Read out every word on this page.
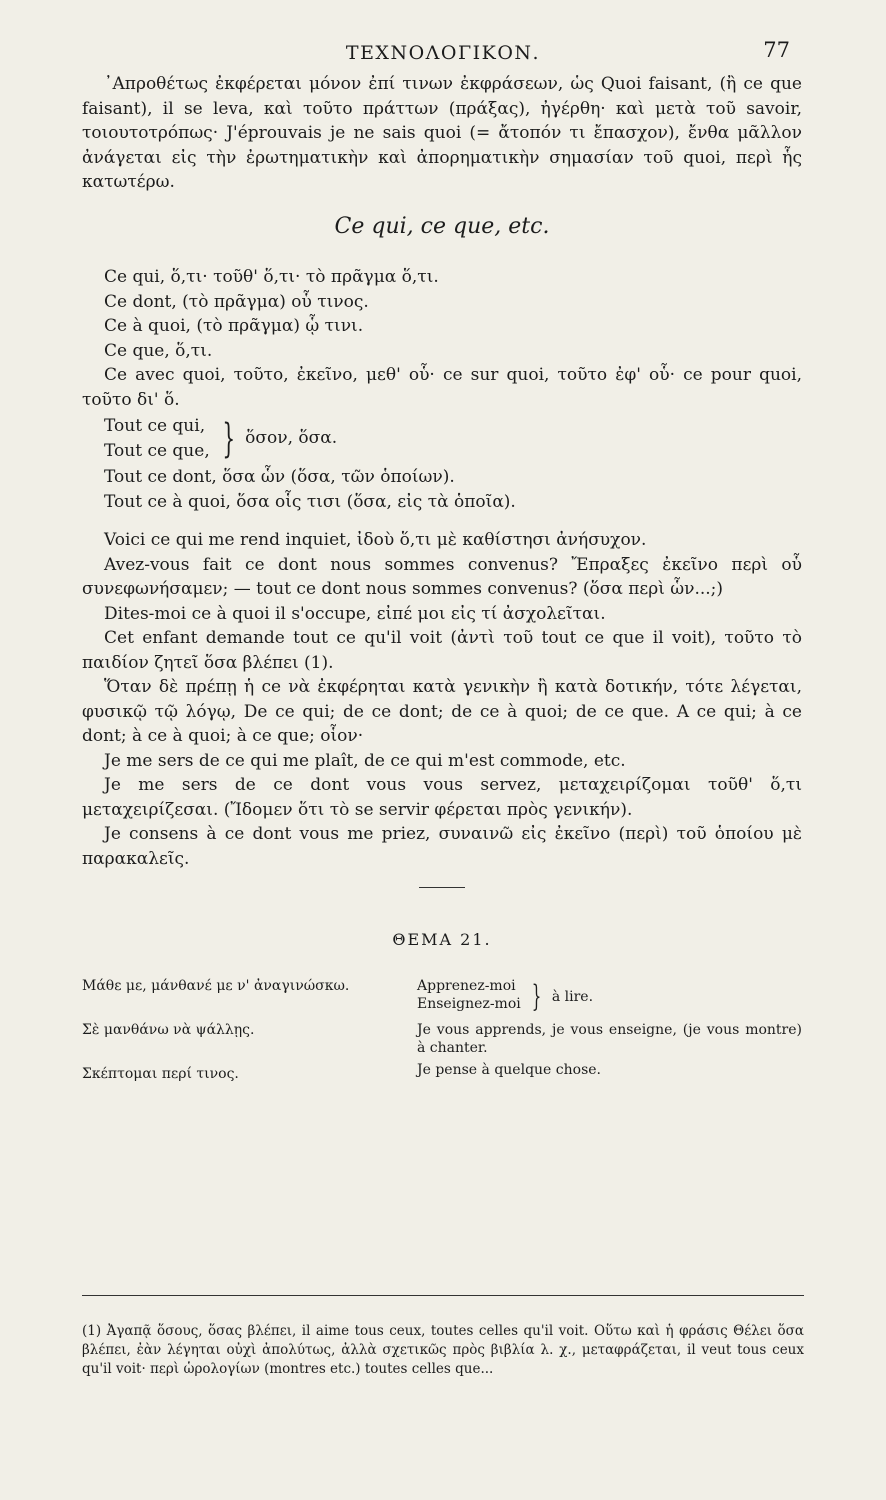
ΤΕΧΝΟΛΟΓΙΚΟΝ.	77

᾿Απροθέτως ἐκφέρεται μόνον ἐπί τινων ἐκφράσεων, ὡς Quoi faisant, (ἢ ce que faisant), il se leva, καὶ τοῦτο πράττων (πράξας), ἠγέρθη· καὶ μετὰ τοῦ savoir, τοιουτοτρόπως· J'éprouvais je ne sais quoi (= ἄτοπόν τι ἔπασχον), ἔνθα μᾶλλον ἀνάγεται εἰς τὴν ἐρωτηματικὴν καὶ ἀπορηματικὴν σημασίαν τοῦ quoi, περὶ ἧς κατωτέρω.

Ce qui, ce que, etc.

Ce qui, ὅ,τι· τοῦθ' ὅ,τι· τὸ πρᾶγμα ὅ,τι.

Ce dont, (τὸ πρᾶγμα) οὗ τινος.

Ce à quoi, (τὸ πρᾶγμα) ᾧ τινι.

Ce que, ὅ,τι.

Ce avec quoi, τοῦτο, ἐκεῖνο, μεθ' οὗ· ce sur quoi, τοῦτο ἐφ' οὗ· ce pour quoi, τοῦτο δι' ὅ.

Tout ce qui,
Tout ce que, } ὅσον, ὅσα.

Tout ce dont, ὅσα ὧν (ὅσα, τῶν ὁποίων).

Tout ce à quoi, ὅσα οἷς τισι (ὅσα, εἰς τὰ ὁποῖα).

Voici ce qui me rend inquiet, ἰδοὺ ὅ,τι μὲ καθίστησι ἀνήσυχον.

Avez-vous fait ce dont nous sommes convenus? Ἔπραξες ἐκεῖνο περὶ οὗ συνεφωνήσαμεν; — tout ce dont nous sommes convenus? (ὅσα περὶ ὧν...;)

Dites-moi ce à quoi il s'occupe, εἰπέ μοι εἰς τί ἀσχολεῖται.

Cet enfant demande tout ce qu'il voit (ἀντὶ τοῦ tout ce que il voit), τοῦτο τὸ παιδίον ζητεῖ ὅσα βλέπει (1).

Ὅταν δὲ πρέπῃ ἡ ce νὰ ἐκφέρηται κατὰ γενικὴν ἢ κατὰ δοτικήν, τότε λέγεται, φυσικῷ τῷ λόγῳ, De ce qui; de ce dont; de ce à quoi; de ce que. A ce qui; à ce dont; à ce à quoi; à ce que; οἷον·

Je me sers de ce qui me plaît, de ce qui m'est commode, etc.

Je me sers de ce dont vous vous servez, μεταχειρίζομαι τοῦθ' ὅ,τι μεταχειρίζεσαι. (Ἴδομεν ὅτι τὸ se servir φέρεται πρὸς γενικήν).

Je consens à ce dont vous me priez, συναινῶ εἰς ἐκεῖνο (περὶ) τοῦ ὁποίου μὲ παρακαλεῖς.

ΘΕΜΑ 21.

Μάθε με, μάνθανέ με ν' ἀναγινώσκω.
Σὲ μανθάνω νὰ ψάλλῃς.
Σκέπτομαι περί τινος.
Apprenez-moi
Enseignez-moi } à lire.
Je vous apprends, je vous enseigne, (je vous montre) à chanter.
Je pense à quelque chose.

(1) Ἀγαπᾷ ὅσους, ὅσας βλέπει, il aime tous ceux, toutes celles qu'il voit. Οὕτω καὶ ἡ φράσις Θέλει ὅσα βλέπει, ἐὰν λέγηται οὐχὶ ἀπολύτως, ἀλλὰ σχετικῶς πρὸς βιβλία λ. χ., μεταφράζεται, il veut tous ceux qu'il voit· περὶ ὡρολογίων (montres etc.) toutes celles que...
